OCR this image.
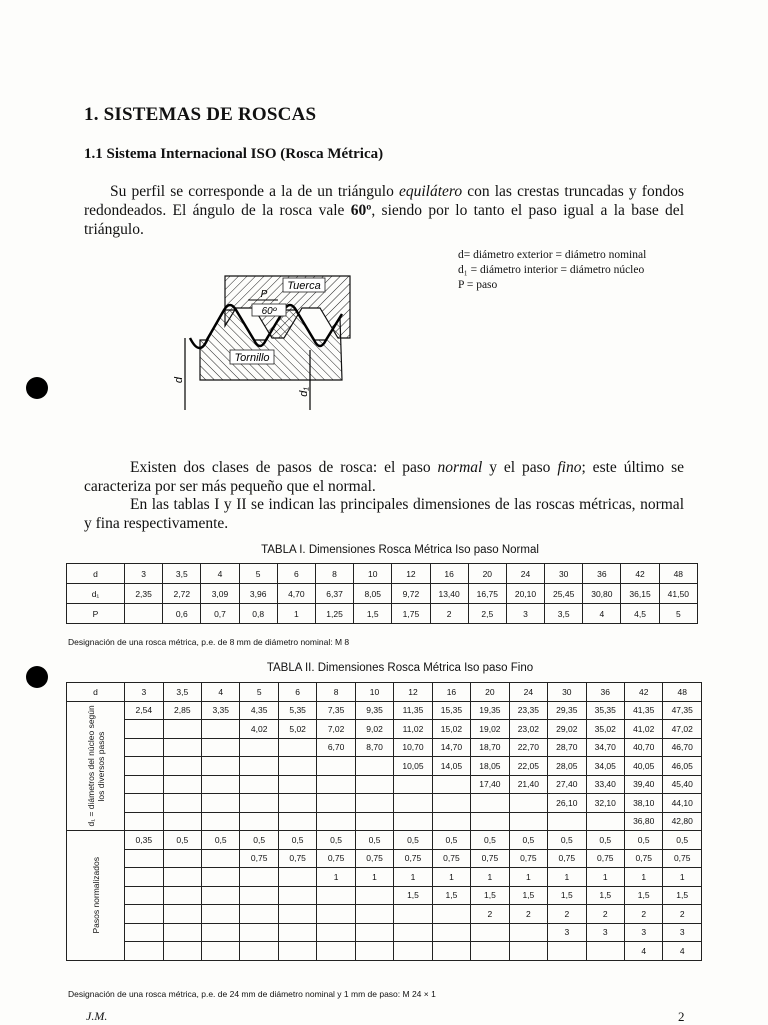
1. SISTEMAS DE ROSCAS
1.1 Sistema Internacional ISO (Rosca Métrica)
Su perfil se corresponde a la de un triángulo equilátero con las crestas truncadas y fondos redondeados. El ángulo de la rosca vale 60º, siendo por lo tanto el paso igual a la base del triángulo.
d= diámetro exterior = diámetro nominal
d₁ = diámetro interior = diámetro núcleo
P = paso
Tuerca
P
60º
Tornillo
d
d₁
Existen dos clases de pasos de rosca: el paso normal y el paso fino; este último se caracteriza por ser más pequeño que el normal.
En las tablas I y II se indican las principales dimensiones de las roscas métricas, normal y fina respectivamente.
TABLA I. Dimensiones Rosca Métrica Iso paso Normal
d	3	3,5	4	5	6	8	10	12	16	20	24	30	36	42	48
d₁	2,35	2,72	3,09	3,96	4,70	6,37	8,05	9,72	13,40	16,75	20,10	25,45	30,80	36,15	41,50
P		0,6	0,7	0,8	1	1,25	1,5	1,75	2	2,5	3	3,5	4	4,5	5
Designación de una rosca métrica, p.e. de 8 mm de diámetro nominal: M 8
TABLA II. Dimensiones Rosca Métrica Iso paso Fino
d	3	3,5	4	5	6	8	10	12	16	20	24	30	36	42	48

d₁ = diámetros del núcleo según los diversos pasos	2,54	2,85	3,35	4,35	5,35	7,35	9,35	11,35	15,35	19,35	23,35	29,35	35,35	41,35	47,35
				4,02	5,02	7,02	9,02	11,02	15,02	19,02	23,02	29,02	35,02	41,02	47,02
						6,70	8,70	10,70	14,70	18,70	22,70	28,70	34,70	40,70	46,70
								10,05	14,05	18,05	22,05	28,05	34,05	40,05	46,05
										17,40	21,40	27,40	33,40	39,40	45,40
												26,10	32,10	38,10	44,10
														36,80	42,80

Pasos normalizados	0,35	0,5	0,5	0,5	0,5	0,5	0,5	0,5	0,5	0,5	0,5	0,5	0,5	0,5	0,5
				0,75	0,75	0,75	0,75	0,75	0,75	0,75	0,75	0,75	0,75	0,75	0,75
						1	1	1	1	1	1	1	1	1	1
								1,5	1,5	1,5	1,5	1,5	1,5	1,5	1,5
										2	2	2	2	2	2
												3	3	3	3
														4	4
Designación de una rosca métrica, p.e. de 24 mm de diámetro nominal y 1 mm de paso: M 24 × 1
J.M.	2
